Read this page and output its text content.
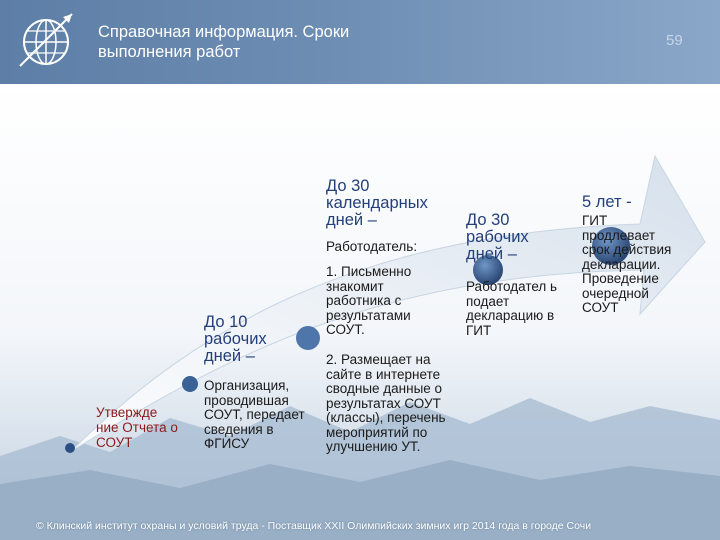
Справочная информация. Сроки выполнения работ
59
Утвержде ние Отчета о СОУТ
До 10 рабочих дней –
Организация, проводившая СОУТ, передает сведения в ФГИСУ
До 30 календарных дней –
Работодатель:
1. Письменно знакомит работника с результатами СОУТ.
2. Размещает на сайте в интернете сводные данные о результатах СОУТ (классы), перечень мероприятий по улучшению УТ.
До 30 рабочих дней –
Работодател ь подает декларацию в ГИТ
5 лет -
ГИТ продлевает срок действия декларации. Проведение очередной СОУТ
© Клинский институт охраны и условий труда - Поставщик XXII Олимпийских зимних игр 2014 года в городе Сочи
